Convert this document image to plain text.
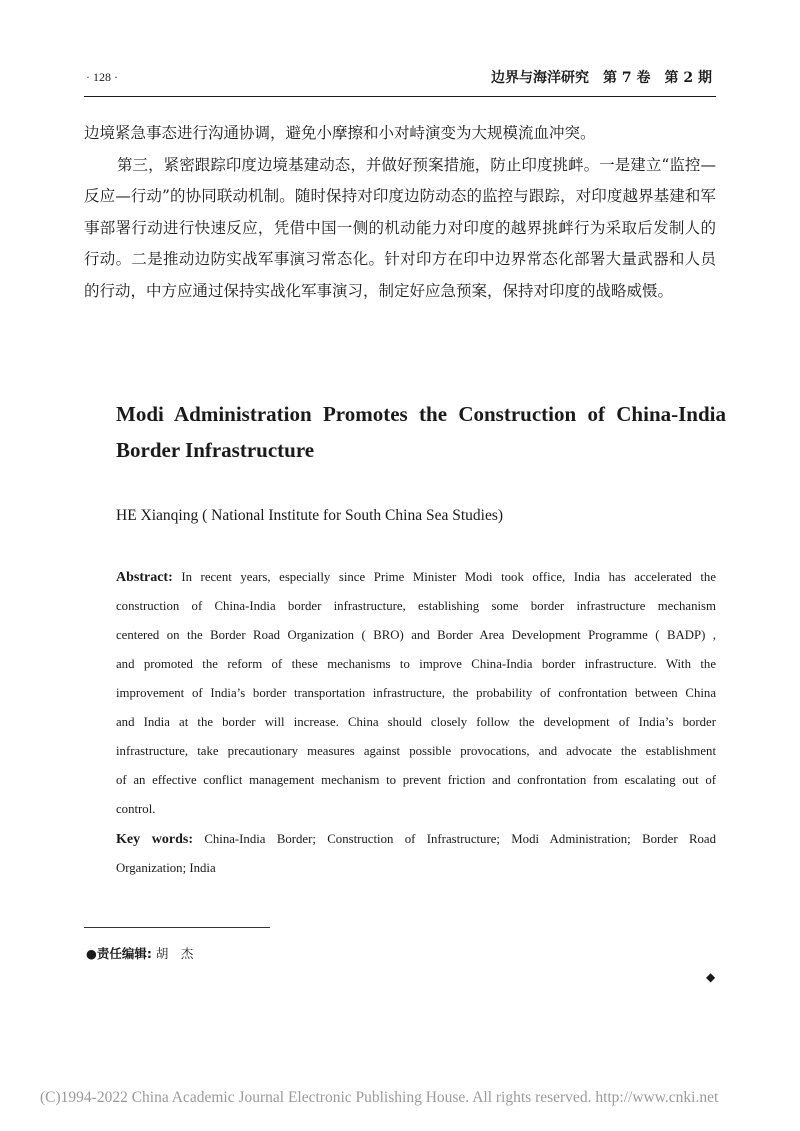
· 128 ·	边界与海洋研究　第 7 卷　第 2 期

边境紧急事态进行沟通协调，避免小摩擦和小对峙演变为大规模流血冲突。

第三，紧密跟踪印度边境基建动态，并做好预案措施，防止印度挑衅。一是建立“监控—反应—行动”的协同联动机制。随时保持对印度边防动态的监控与跟踪，对印度越界基建和军事部署行动进行快速反应，凭借中国一侧的机动能力对印度的越界挑衅行为采取后发制人的行动。二是推动边防实战军事演习常态化。针对印方在印中边界常态化部署大量武器和人员的行动，中方应通过保持实战化军事演习，制定好应急预案，保持对印度的战略威慑。

Modi Administration Promotes the Construction of China-India
Border Infrastructure
HE Xianqing ( National Institute for South China Sea Studies)
Abstract: In recent years, especially since Prime Minister Modi took office, India has accelerated the
construction of China-India border infrastructure, establishing some border infrastructure mechanism
centered on the Border Road Organization ( BRO) and Border Area Development Programme ( BADP) ,
and promoted the reform of these mechanisms to improve China-India border infrastructure. With the
improvement of India’s border transportation infrastructure, the probability of confrontation between China
and India at the border will increase. China should closely follow the development of India’s border
infrastructure, take precautionary measures against possible provocations, and advocate the establishment
of an effective conflict management mechanism to prevent friction and confrontation from escalating out of
control.
Key words: China-India Border; Construction of Infrastructure; Modi Administration; Border Road
Organization; India
●责任编辑: 胡　杰
◆
(C)1994-2022 China Academic Journal Electronic Publishing House. All rights reserved. http://www.cnki.net
